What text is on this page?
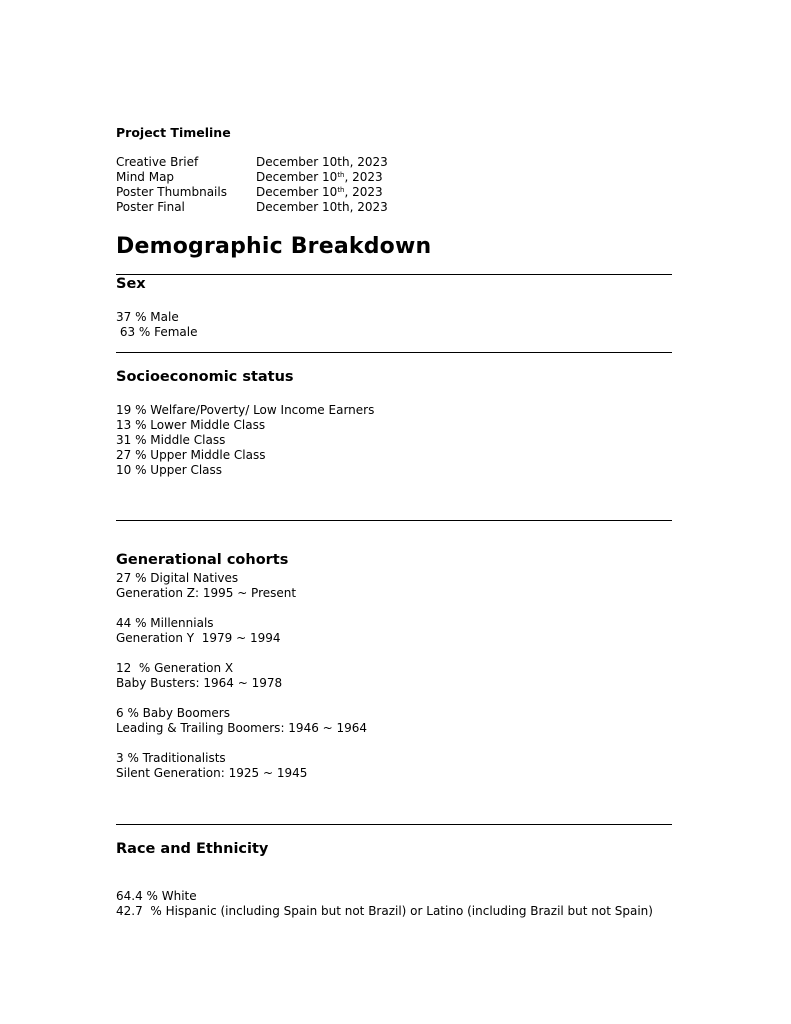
Project Timeline
Creative Brief	December 10th, 2023
Mind Map	December 10th, 2023
Poster Thumbnails	December 10th, 2023
Poster Final	December 10th, 2023
Demographic Breakdown
Sex
37 % Male
63 % Female
Socioeconomic status
19 % Welfare/Poverty/ Low Income Earners
13 % Lower Middle Class
31 % Middle Class
27 % Upper Middle Class
10 % Upper Class
Generational cohorts
27 % Digital Natives
Generation Z: 1995 ~ Present
44 % Millennials
Generation Y  1979 ~ 1994
12  % Generation X
Baby Busters: 1964 ~ 1978
6 % Baby Boomers
Leading & Trailing Boomers: 1946 ~ 1964
3 % Traditionalists
Silent Generation: 1925 ~ 1945
Race and Ethnicity
64.4 % White
42.7  % Hispanic (including Spain but not Brazil) or Latino (including Brazil but not Spain)
